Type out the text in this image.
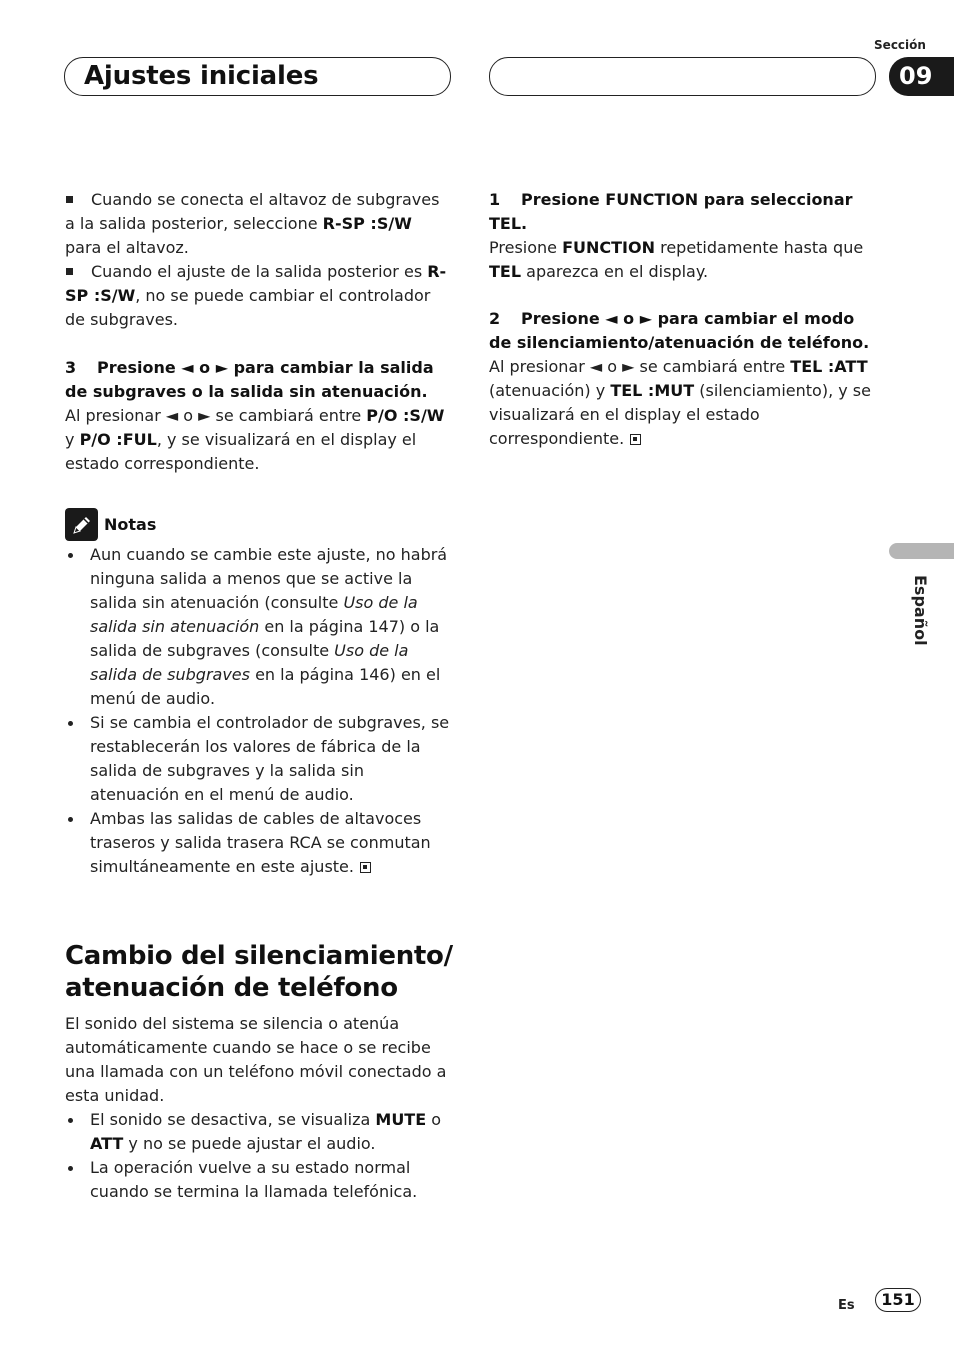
Ajustes iniciales
Sección
09
Español

Cuando se conecta el altavoz de subgraves a la salida posterior, seleccione R-SP :S/W para el altavoz.

Cuando el ajuste de la salida posterior es R-SP :S/W, no se puede cambiar el controlador de subgraves.

3 Presione ◄ o ► para cambiar la salida de subgraves o la salida sin atenuación.

Al presionar ◄ o ► se cambiará entre P/O :S/W y P/O :FUL, y se visualizará en el display el estado correspondiente.

Notas
Aun cuando se cambie este ajuste, no habrá ninguna salida a menos que se active la salida sin atenuación (consulte Uso de la salida sin atenuación en la página 147) o la salida de subgraves (consulte Uso de la salida de subgraves en la página 146) en el menú de audio.
Si se cambia el controlador de subgraves, se restablecerán los valores de fábrica de la salida de subgraves y la salida sin atenuación en el menú de audio.
Ambas las salidas de cables de altavoces traseros y salida trasera RCA se conmutan simultáneamente en este ajuste.
Cambio del silenciamiento/ atenuación de teléfono

El sonido del sistema se silencia o atenúa automáticamente cuando se hace o se recibe una llamada con un teléfono móvil conectado a esta unidad.

El sonido se desactiva, se visualiza MUTE o ATT y no se puede ajustar el audio.
La operación vuelve a su estado normal cuando se termina la llamada telefónica.

1 Presione FUNCTION para seleccionar TEL.

Presione FUNCTION repetidamente hasta que TEL aparezca en el display.

2 Presione ◄ o ► para cambiar el modo de silenciamiento/atenuación de teléfono.

Al presionar ◄ o ► se cambiará entre TEL :ATT (atenuación) y TEL :MUT (silenciamiento), y se visualizará en el display el estado correspondiente.

Es	151
